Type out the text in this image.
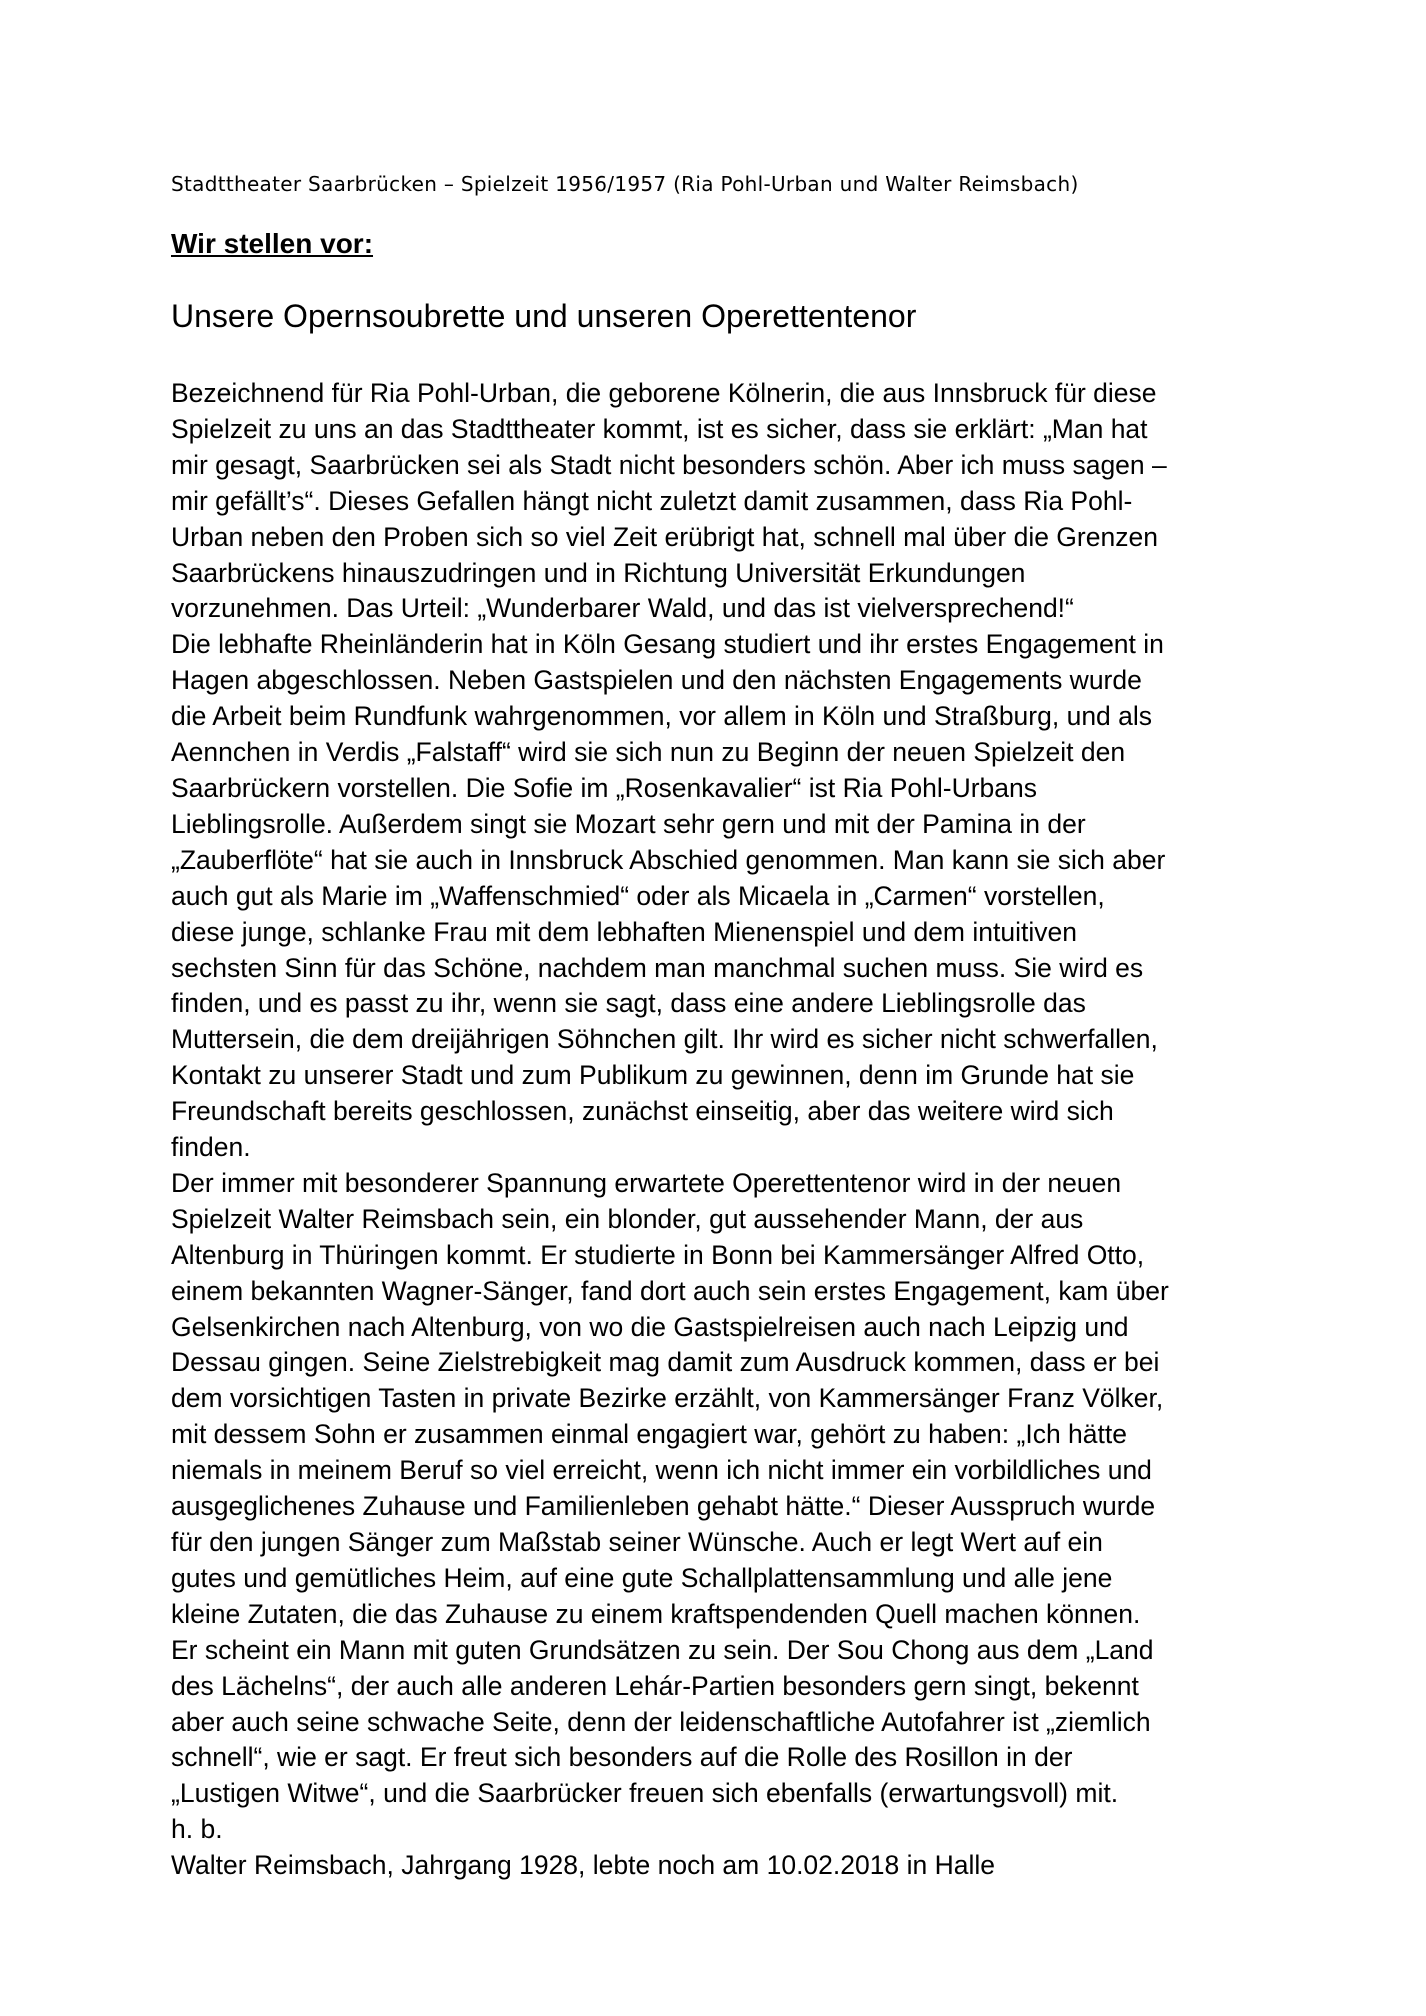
Stadttheater Saarbrücken – Spielzeit 1956/1957 (Ria Pohl-Urban und Walter Reimsbach)
Wir stellen vor:
Unsere Opernsoubrette und unseren Operettentenor
Bezeichnend für Ria Pohl-Urban, die geborene Kölnerin, die aus Innsbruck für diese
Spielzeit zu uns an das Stadttheater kommt, ist es sicher, dass sie erklärt: „Man hat
mir gesagt, Saarbrücken sei als Stadt nicht besonders schön. Aber ich muss sagen –
mir gefällt’s“. Dieses Gefallen hängt nicht zuletzt damit zusammen, dass Ria Pohl-
Urban neben den Proben sich so viel Zeit erübrigt hat, schnell mal über die Grenzen
Saarbrückens hinauszudringen und in Richtung Universität Erkundungen
vorzunehmen. Das Urteil: „Wunderbarer Wald, und das ist vielversprechend!“
Die lebhafte Rheinländerin hat in Köln Gesang studiert und ihr erstes Engagement in
Hagen abgeschlossen. Neben Gastspielen und den nächsten Engagements wurde
die Arbeit beim Rundfunk wahrgenommen, vor allem in Köln und Straßburg, und als
Aennchen in Verdis „Falstaff“ wird sie sich nun zu Beginn der neuen Spielzeit den
Saarbrückern vorstellen. Die Sofie im „Rosenkavalier“ ist Ria Pohl-Urbans
Lieblingsrolle. Außerdem singt sie Mozart sehr gern und mit der Pamina in der
„Zauberflöte“ hat sie auch in Innsbruck Abschied genommen. Man kann sie sich aber
auch gut als Marie im „Waffenschmied“ oder als Micaela in „Carmen“ vorstellen,
diese junge, schlanke Frau mit dem lebhaften Mienenspiel und dem intuitiven
sechsten Sinn für das Schöne, nachdem man manchmal suchen muss. Sie wird es
finden, und es passt zu ihr, wenn sie sagt, dass eine andere Lieblingsrolle das
Muttersein, die dem dreijährigen Söhnchen gilt. Ihr wird es sicher nicht schwerfallen,
Kontakt zu unserer Stadt und zum Publikum zu gewinnen, denn im Grunde hat sie
Freundschaft bereits geschlossen, zunächst einseitig, aber das weitere wird sich
finden.
Der immer mit besonderer Spannung erwartete Operettentenor wird in der neuen
Spielzeit Walter Reimsbach sein, ein blonder, gut aussehender Mann, der aus
Altenburg in Thüringen kommt. Er studierte in Bonn bei Kammersänger Alfred Otto,
einem bekannten Wagner-Sänger, fand dort auch sein erstes Engagement, kam über
Gelsenkirchen nach Altenburg, von wo die Gastspielreisen auch nach Leipzig und
Dessau gingen. Seine Zielstrebigkeit mag damit zum Ausdruck kommen, dass er bei
dem vorsichtigen Tasten in private Bezirke erzählt, von Kammersänger Franz Völker,
mit dessem Sohn er zusammen einmal engagiert war, gehört zu haben: „Ich hätte
niemals in meinem Beruf so viel erreicht, wenn ich nicht immer ein vorbildliches und
ausgeglichenes Zuhause und Familienleben gehabt hätte.“ Dieser Ausspruch wurde
für den jungen Sänger zum Maßstab seiner Wünsche. Auch er legt Wert auf ein
gutes und gemütliches Heim, auf eine gute Schallplattensammlung und alle jene
kleine Zutaten, die das Zuhause zu einem kraftspendenden Quell machen können.
Er scheint ein Mann mit guten Grundsätzen zu sein. Der Sou Chong aus dem „Land
des Lächelns“, der auch alle anderen Lehár-Partien besonders gern singt, bekennt
aber auch seine schwache Seite, denn der leidenschaftliche Autofahrer ist „ziemlich
schnell“, wie er sagt. Er freut sich besonders auf die Rolle des Rosillon in der
„Lustigen Witwe“, und die Saarbrücker freuen sich ebenfalls (erwartungsvoll) mit.
h. b.
Walter Reimsbach, Jahrgang 1928, lebte noch am 10.02.2018 in Halle
